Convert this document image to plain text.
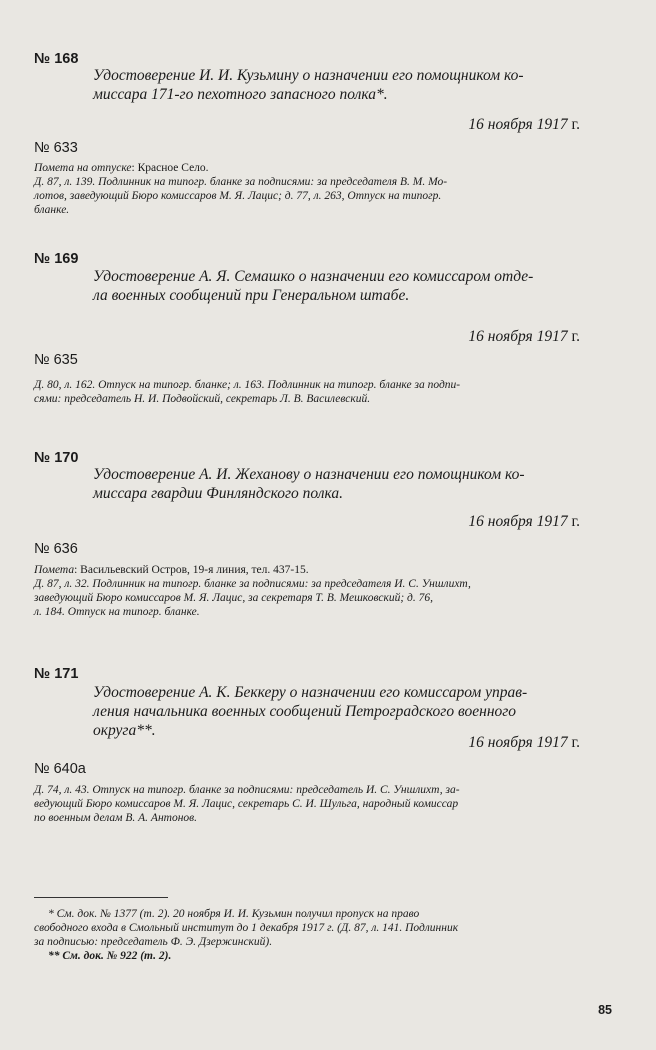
№ 168
Удостоверение И. И. Кузьмину о назначении его помощником ко-
миссара 171-го пехотного запасного полка*.
16 ноября 1917 г.
№ 633
Помета на отпуске: Красное Село.
Д. 87, л. 139. Подлинник на типогр. бланке за подписями: за председателя В. М. Мо-
лотов, заведующий Бюро комиссаров М. Я. Лацис; д. 77, л. 263, Отпуск на типогр.
бланке.
№ 169
Удостоверение А. Я. Семашко о назначении его комиссаром отде-
ла военных сообщений при Генеральном штабе.
16 ноября 1917 г.
№ 635
Д. 80, л. 162. Отпуск на типогр. бланке; л. 163. Подлинник на типогр. бланке за подпи-
сями: председатель Н. И. Подвойский, секретарь Л. В. Василевский.
№ 170
Удостоверение А. И. Жеханову о назначении его помощником ко-
миссара гвардии Финляндского полка.
16 ноября 1917 г.
№ 636
Помета: Васильевский Остров, 19-я линия, тел. 437-15.
Д. 87, л. 32. Подлинник на типогр. бланке за подписями: за председателя И. С. Уншлихт,
заведующий Бюро комиссаров М. Я. Лацис, за секретаря Т. В. Мешковский; д. 76,
л. 184. Отпуск на типогр. бланке.
№ 171
Удостоверение А. К. Беккеру о назначении его комиссаром управ-
ления начальника военных сообщений Петроградского военного
округа**.
16 ноября 1917 г.
№ 640а
Д. 74, л. 43. Отпуск на типогр. бланке за подписями: председатель И. С. Уншлихт, за-
ведующий Бюро комиссаров М. Я. Лацис, секретарь С. И. Шульга, народный комиссар
по военным делам В. А. Антонов.
* См. док. № 1377 (т. 2). 20 ноября И. И. Кузьмин получил пропуск на право
свободного входа в Смольный институт до 1 декабря 1917 г. (Д. 87, л. 141. Подлинник
за подписью: председатель Ф. Э. Дзержинский).
** См. док. № 922 (т. 2).
85
